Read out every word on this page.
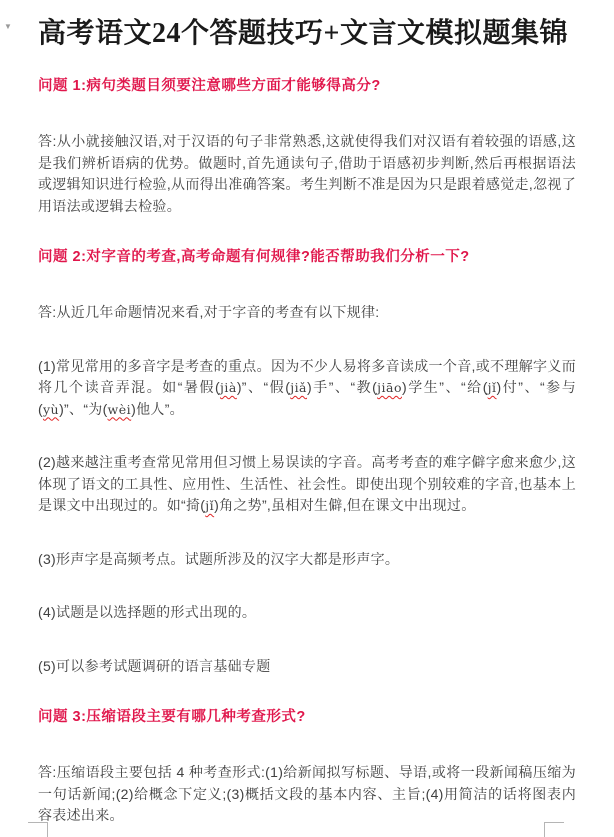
▼ 高考语文24个答题技巧+文言文模拟题集锦
问题 1:病句类题目须要注意哪些方面才能够得高分?

答:从小就接触汉语,对于汉语的句子非常熟悉,这就使得我们对汉语有着较强的语感,这是我们辨析语病的优势。做题时,首先通读句子,借助于语感初步判断,然后再根据语法或逻辑知识进行检验,从而得出准确答案。考生判断不准是因为只是跟着感觉走,忽视了用语法或逻辑去检验。

问题 2:对字音的考查,高考命题有何规律?能否帮助我们分析一下?

答:从近几年命题情况来看,对于字音的考查有以下规律:

(1)常见常用的多音字是考查的重点。因为不少人易将多音读成一个音,或不理解字义而将几个读音弄混。如“暑假(jià)”、“假(jiǎ)手”、“教(jiāo)学生”、“给(jǐ)付”、“参与(yù)”、“为(wèi)他人”。

(2)越来越注重考查常见常用但习惯上易误读的字音。高考考查的难字僻字愈来愈少,这体现了语文的工具性、应用性、生活性、社会性。即使出现个别较难的字音,也基本上是课文中出现过的。如“掎(jǐ)角之势”,虽相对生僻,但在课文中出现过。

(3)形声字是高频考点。试题所涉及的汉字大都是形声字。

(4)试题是以选择题的形式出现的。

(5)可以参考试题调研的语言基础专题

问题 3:压缩语段主要有哪几种考查形式?

答:压缩语段主要包括 4 种考查形式:(1)给新闻拟写标题、导语,或将一段新闻稿压缩为一句话新闻;(2)给概念下定义;(3)概括文段的基本内容、主旨;(4)用简洁的话将图表内容表述出来。
